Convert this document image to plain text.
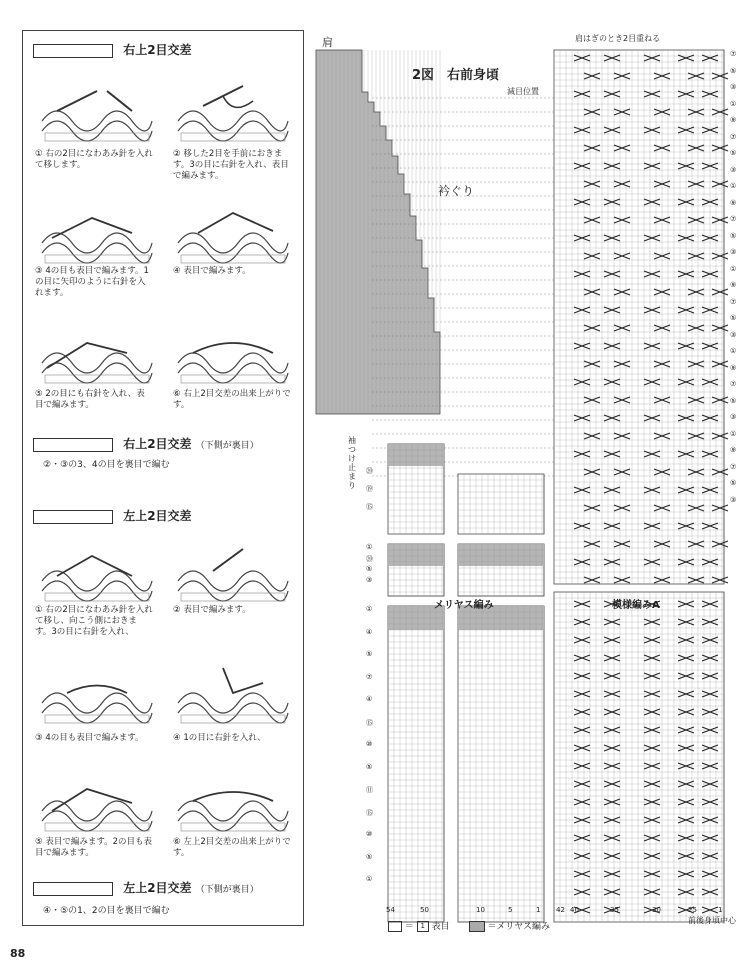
右上2目交差
① 右の2目になわあみ針を入れて移します。
② 移した2目を手前におきます。3の目に右針を入れ、表目で編みます。
③ 4の目も表目で編みます。1の目に矢印のように右針を入れます。
④ 表目で編みます。
⑤ 2の目にも右針を入れ、表目で編みます。
⑥ 右上2目交差の出来上がりです。
右上2目交差 （下側が裏目）
②・③の3、4の目を裏目で編む
左上2目交差
① 右の2目になわあみ針を入れて移し、向こう側におきます。3の目に右針を入れ、
② 表目で編みます。
③ 4の目も表目で編みます。	④ 1の目に右針を入れ、
⑤ 表目で編みます。2の目も表目で編みます。
⑥ 左上2目交差の出来上がりです。
左上2目交差 （下側が裏目）
④・⑤の1、2の目を裏目で編む
肩	肩はぎのとき2目重ねる
2図　右前身頃
減目位置
衿ぐり
袖つけ止まり
メリヤス編み	模様編みA
54	50	10	5	1 42 40	35	30	25	1
前後身頃中心
＝ 1 表目	＝メリヤス編み
⑦
⑤
③
①
⑨
⑦
⑤
③
①
⑨
⑦
⑤
③
①
⑨
⑦
⑤
③
①
⑨
⑦
⑤
③
①
⑨
⑦
⑤
③
①
④
⑤
⑦
④
⑮
⑩
⑤
⑪
⑮
⑩
⑤
①
①
⑳
⑤
③
⑳
⑲
⑮
88
